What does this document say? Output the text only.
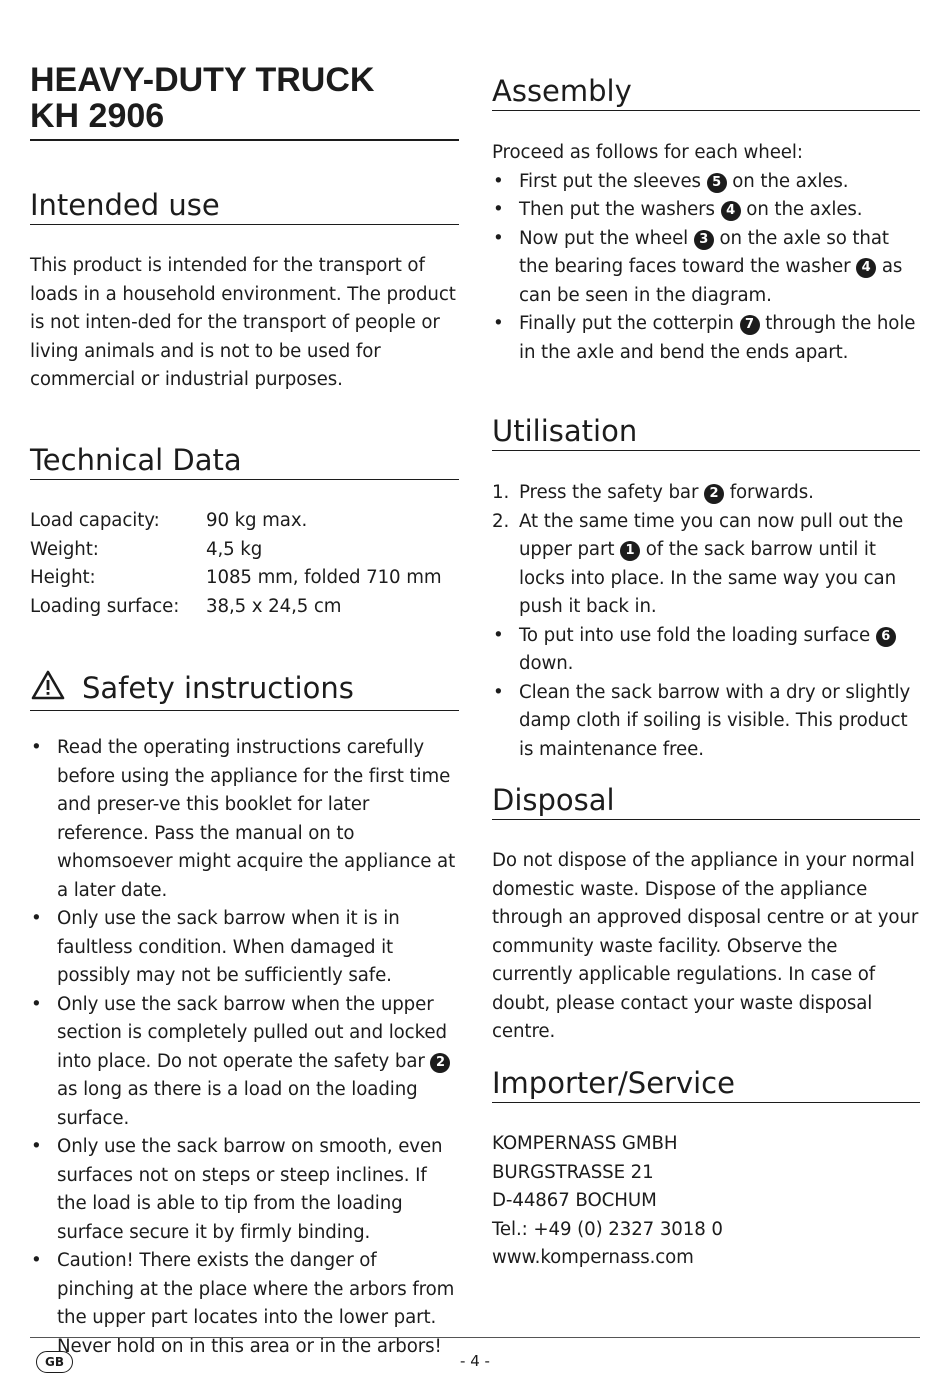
HEAVY-DUTY TRUCK
KH 2906
Intended use

This product is intended for the transport of loads in a household environment. The product is not inten-ded for the transport of people or living animals and is not to be used for commercial or industrial purposes.

Technical Data
Load capacity:	90 kg max.
Weight:	4,5 kg
Height:	1085 mm, folded 710 mm
Loading surface:	38,5 x 24,5 cm
Safety instructions
• Read the operating instructions carefully before using the appliance for the first time and preser-ve this booklet for later reference. Pass the manual on to whomsoever might acquire the appliance at a later date.
• Only use the sack barrow when it is in faultless condition. When damaged it possibly may not be sufficiently safe.
• Only use the sack barrow when the upper section is completely pulled out and locked into place. Do not operate the safety bar 2 as long as there is a load on the loading surface.
• Only use the sack barrow on smooth, even surfaces not on steps or steep inclines. If the load is able to tip from the loading surface secure it by firmly binding.
• Caution! There exists the danger of pinching at the place where the arbors from the upper part locates into the lower part. Never hold on in this area or in the arbors!
Assembly

Proceed as follows for each wheel:

• First put the sleeves 5 on the axles.
• Then put the washers 4 on the axles.
• Now put the wheel 3 on the axle so that the bearing faces toward the washer 4 as can be seen in the diagram.
• Finally put the cotterpin 7 through the hole in the axle and bend the ends apart.
Utilisation
1. Press the safety bar 2 forwards.
2. At the same time you can now pull out the upper part 1 of the sack barrow until it locks into place. In the same way you can push it back in.
• To put into use fold the loading surface 6 down.
• Clean the sack barrow with a dry or slightly damp cloth if soiling is visible. This product is maintenance free.
Disposal

Do not dispose of the appliance in your normal domestic waste. Dispose of the appliance through an approved disposal centre or at your community waste facility. Observe the currently applicable regulations. In case of doubt, please contact your waste disposal centre.

Importer/Service

KOMPERNASS GMBH

BURGSTRASSE 21

D-44867 BOCHUM

Tel.: +49 (0) 2327 3018 0

www.kompernass.com

GB	- 4 -
